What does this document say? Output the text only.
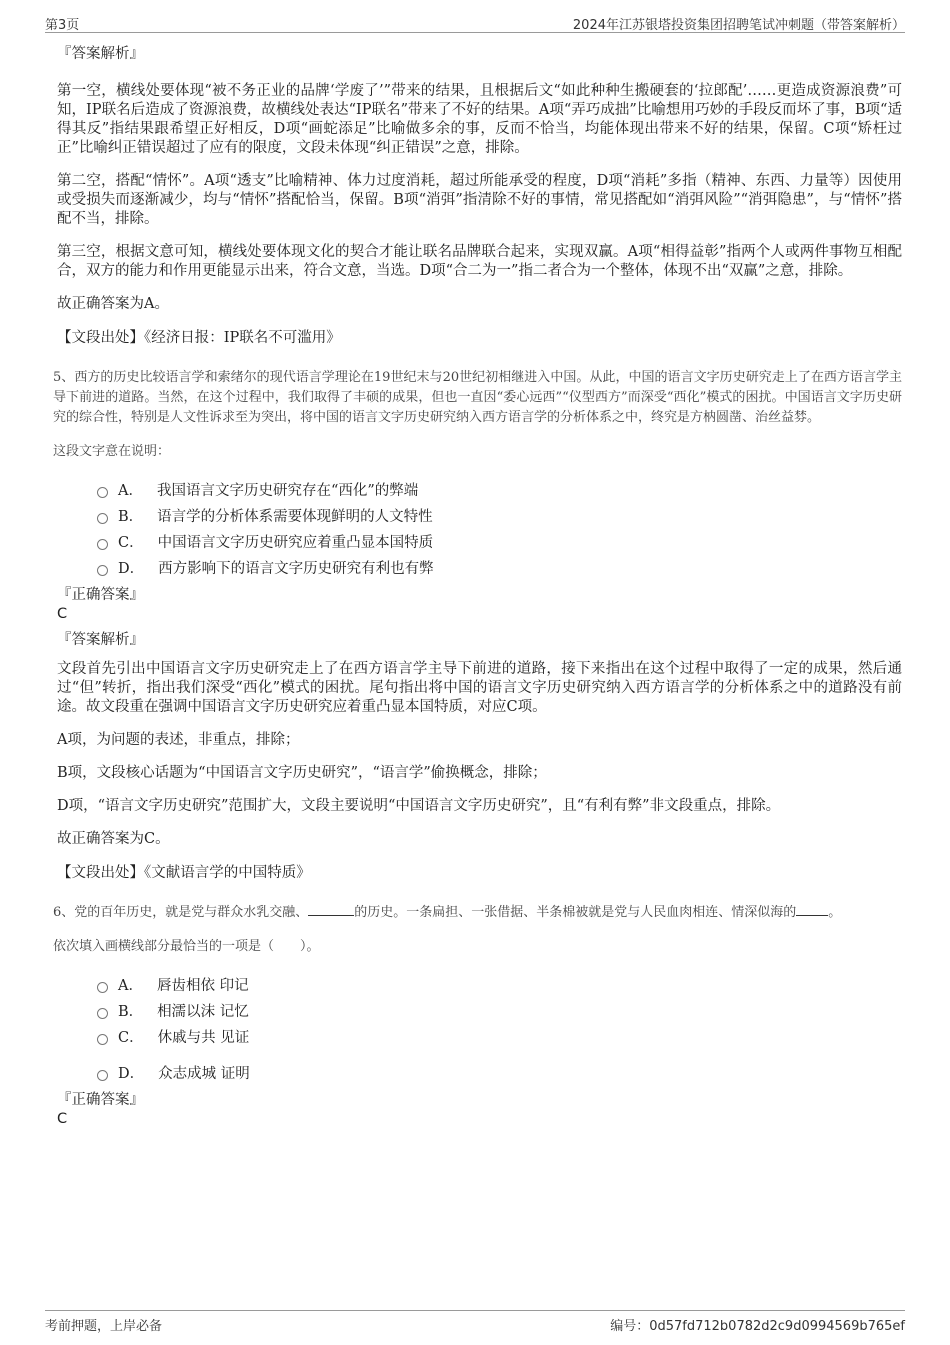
第3页	2024年江苏银塔投资集团招聘笔试冲刺题（带答案解析）
『答案解析』

第一空，横线处要体现“被不务正业的品牌‘学废了’”带来的结果，且根据后文“如此种种生搬硬套的‘拉郎配’……更造成资源浪费”可知，IP联名后造成了资源浪费，故横线处表达“IP联名”带来了不好的结果。A项“弄巧成拙”比喻想用巧妙的手段反而坏了事，B项“适得其反”指结果跟希望正好相反，D项“画蛇添足”比喻做多余的事，反而不恰当，均能体现出带来不好的结果，保留。C项“矫枉过正”比喻纠正错误超过了应有的限度，文段未体现“纠正错误”之意，排除。

第二空，搭配“情怀”。A项“透支”比喻精神、体力过度消耗，超过所能承受的程度，D项“消耗”多指（精神、东西、力量等）因使用或受损失而逐渐减少，均与“情怀”搭配恰当，保留。B项“消弭”指清除不好的事情，常见搭配如“消弭风险”“消弭隐患”，与“情怀”搭配不当，排除。

第三空，根据文意可知，横线处要体现文化的契合才能让联名品牌联合起来，实现双赢。A项“相得益彰”指两个人或两件事物互相配合，双方的能力和作用更能显示出来，符合文意，当选。D项“合二为一”指二者合为一个整体，体现不出“双赢”之意，排除。

故正确答案为A。

【文段出处】《经济日报：IP联名不可滥用》

5、西方的历史比较语言学和索绪尔的现代语言学理论在19世纪末与20世纪初相继进入中国。从此，中国的语言文字历史研究走上了在西方语言学主导下前进的道路。当然，在这个过程中，我们取得了丰硕的成果，但也一直因“委心远西”“仪型西方”而深受“西化”模式的困扰。中国语言文字历史研究的综合性，特别是人文性诉求至为突出，将中国的语言文字历史研究纳入西方语言学的分析体系之中，终究是方枘圆凿、治丝益棼。

这段文字意在说明：

A． 我国语言文字历史研究存在“西化”的弊端
B． 语言学的分析体系需要体现鲜明的人文特性
C． 中国语言文字历史研究应着重凸显本国特质
D． 西方影响下的语言文字历史研究有利也有弊
『正确答案』
C
『答案解析』

文段首先引出中国语言文字历史研究走上了在西方语言学主导下前进的道路，接下来指出在这个过程中取得了一定的成果，然后通过“但”转折，指出我们深受“西化”模式的困扰。尾句指出将中国的语言文字历史研究纳入西方语言学的分析体系之中的道路没有前途。故文段重在强调中国语言文字历史研究应着重凸显本国特质，对应C项。

A项，为问题的表述，非重点，排除；

B项，文段核心话题为“中国语言文字历史研究”，“语言学”偷换概念，排除；

D项，“语言文字历史研究”范围扩大，文段主要说明“中国语言文字历史研究”，且“有利有弊”非文段重点，排除。

故正确答案为C。

【文段出处】《文献语言学的中国特质》

6、党的百年历史，就是党与群众水乳交融、	的历史。一条扁担、一张借据、半条棉被就是党与人民血肉相连、情深似海的 。

依次填入画横线部分最恰当的一项是（　　）。

A． 唇齿相依 印记
B． 相濡以沫 记忆
C． 休戚与共 见证
D． 众志成城 证明
『正确答案』
C
考前押题，上岸必备	编号：0d57fd712b0782d2c9d0994569b765ef
